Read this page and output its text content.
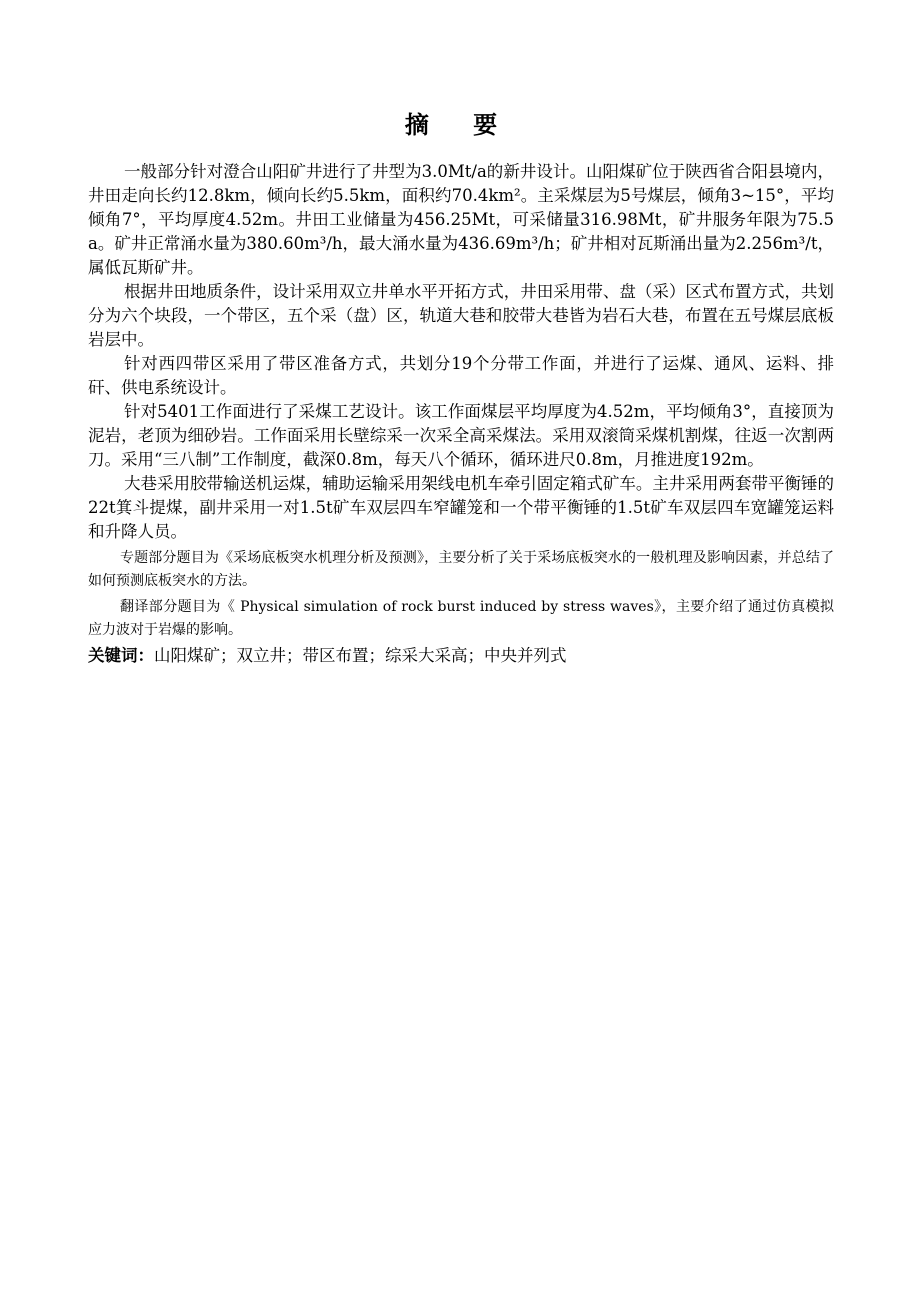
摘 要

一般部分针对澄合山阳矿井进行了井型为3.0Mt/a的新井设计。山阳煤矿位于陕西省合阳县境内，井田走向长约12.8km，倾向长约5.5km，面积约70.4km²。主采煤层为5号煤层，倾角3~15°，平均倾角7°，平均厚度4.52m。井田工业储量为456.25Mt，可采储量316.98Mt，矿井服务年限为75.5a。矿井正常涌水量为380.60m³/h，最大涌水量为436.69m³/h；矿井相对瓦斯涌出量为2.256m³/t，属低瓦斯矿井。

根据井田地质条件，设计采用双立井单水平开拓方式，井田采用带、盘（采）区式布置方式，共划分为六个块段，一个带区，五个采（盘）区，轨道大巷和胶带大巷皆为岩石大巷，布置在五号煤层底板岩层中。

针对西四带区采用了带区准备方式，共划分19个分带工作面，并进行了运煤、通风、运料、排矸、供电系统设计。

针对5401工作面进行了采煤工艺设计。该工作面煤层平均厚度为4.52m，平均倾角3°，直接顶为泥岩，老顶为细砂岩。工作面采用长壁综采一次采全高采煤法。采用双滚筒采煤机割煤，往返一次割两刀。采用“三八制”工作制度，截深0.8m，每天八个循环，循环进尺0.8m，月推进度192m。

大巷采用胶带输送机运煤，辅助运输采用架线电机车牵引固定箱式矿车。主井采用两套带平衡锤的22t箕斗提煤，副井采用一对1.5t矿车双层四车窄罐笼和一个带平衡锤的1.5t矿车双层四车宽罐笼运料和升降人员。

专题部分题目为《采场底板突水机理分析及预测》，主要分析了关于采场底板突水的一般机理及影响因素，并总结了如何预测底板突水的方法。

翻译部分题目为《 Physical simulation of rock burst induced by stress waves》，主要介绍了通过仿真模拟应力波对于岩爆的影响。

关键词：山阳煤矿；双立井；带区布置；综采大采高；中央并列式
